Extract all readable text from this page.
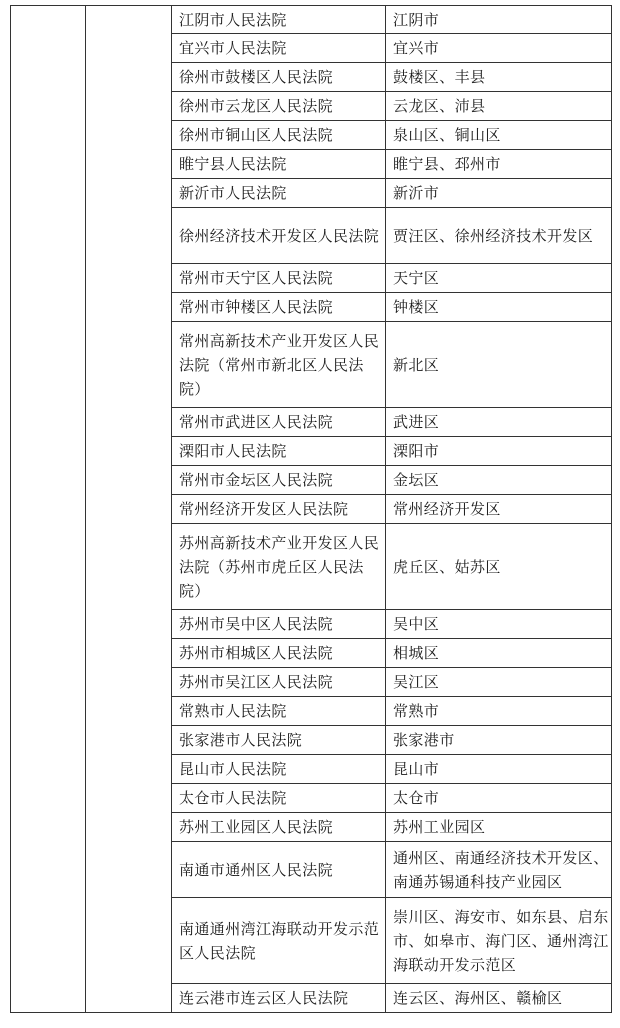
		江阴市人民法院	江阴市
		宜兴市人民法院	宜兴市
		徐州市鼓楼区人民法院	鼓楼区、丰县
		徐州市云龙区人民法院	云龙区、沛县
		徐州市铜山区人民法院	泉山区、铜山区
		睢宁县人民法院	睢宁县、邳州市
		新沂市人民法院	新沂市
		徐州经济技术开发区人民法院	贾汪区、徐州经济技术开发区
		常州市天宁区人民法院	天宁区
		常州市钟楼区人民法院	钟楼区
		常州高新技术产业开发区人民法院（常州市新北区人民法院）	新北区
		常州市武进区人民法院	武进区
		溧阳市人民法院	溧阳市
		常州市金坛区人民法院	金坛区
		常州经济开发区人民法院	常州经济开发区
		苏州高新技术产业开发区人民法院（苏州市虎丘区人民法院）	虎丘区、姑苏区
		苏州市吴中区人民法院	吴中区
		苏州市相城区人民法院	相城区
		苏州市吴江区人民法院	吴江区
		常熟市人民法院	常熟市
		张家港市人民法院	张家港市
		昆山市人民法院	昆山市
		太仓市人民法院	太仓市
		苏州工业园区人民法院	苏州工业园区
		南通市通州区人民法院	通州区、南通经济技术开发区、南通苏锡通科技产业园区
		南通通州湾江海联动开发示范区人民法院	崇川区、海安市、如东县、启东市、如皋市、海门区、通州湾江海联动开发示范区
		连云港市连云区人民法院	连云区、海州区、赣榆区
